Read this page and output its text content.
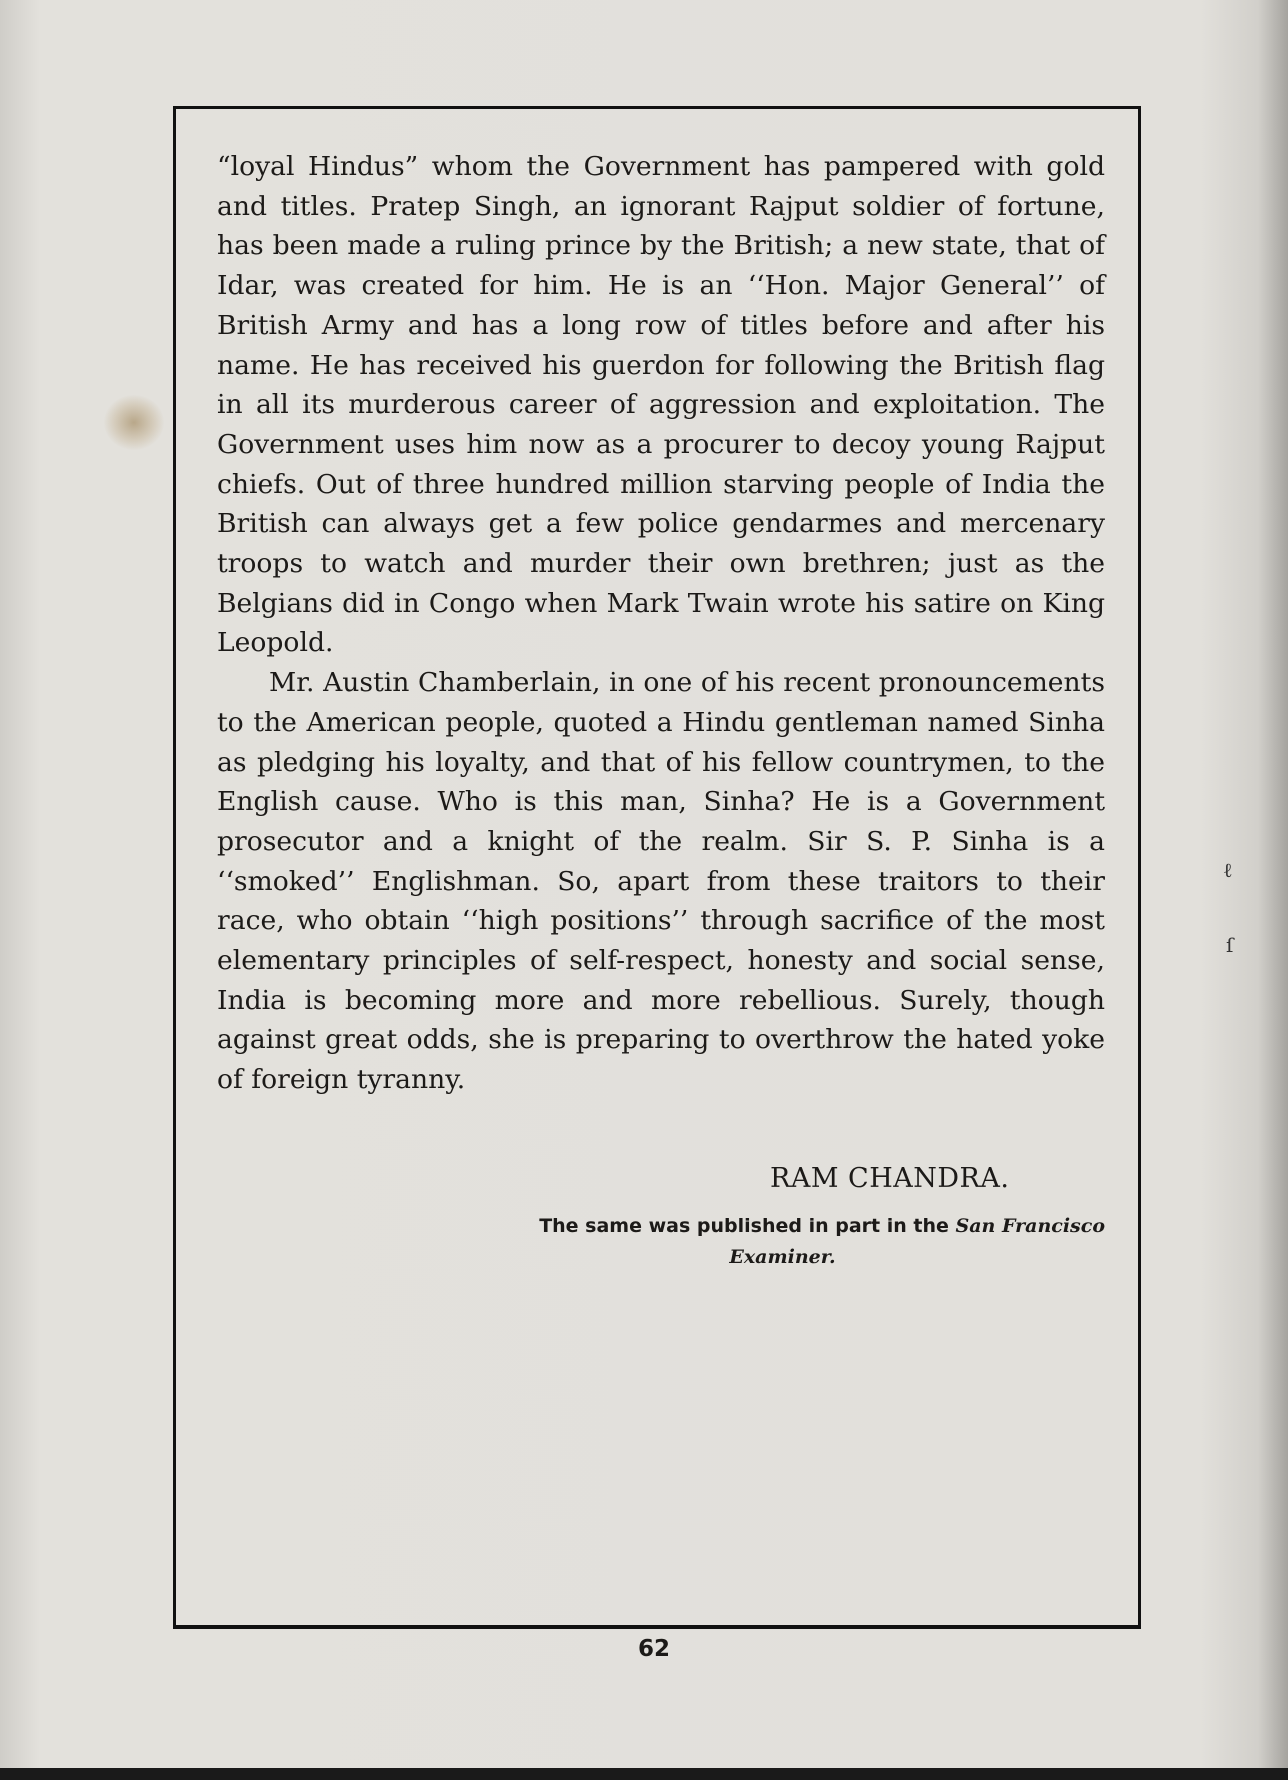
ℓ
ſ

“loyal Hindus” whom the Government has pampered with gold and titles. Pratep Singh, an ignorant Rajput soldier of fortune, has been made a ruling prince by the British; a new state, that of Idar, was created for him. He is an ‘‘Hon. Major General’’ of British Army and has a long row of titles before and after his name. He has received his guerdon for following the British flag in all its murderous career of aggression and exploitation. The Government uses him now as a procurer to decoy young Rajput chiefs. Out of three hundred million starving people of India the British can always get a few police gendarmes and mercenary troops to watch and murder their own brethren; just as the Belgians did in Congo when Mark Twain wrote his satire on King Leopold.

Mr. Austin Chamberlain, in one of his recent pronouncements to the American people, quoted a Hindu gentleman named Sinha as pledging his loyalty, and that of his fellow countrymen, to the English cause. Who is this man, Sinha? He is a Government prosecutor and a knight of the realm. Sir S. P. Sinha is a ‘‘smoked’’ Englishman. So, apart from these traitors to their race, who obtain ‘‘high positions’’ through sacrifice of the most elementary principles of self-respect, honesty and social sense, India is becoming more and more rebellious. Surely, though against great odds, she is preparing to overthrow the hated yoke of foreign tyranny.

RAM CHANDRA.
The same was published in part in the San Francisco
Examiner.
62
